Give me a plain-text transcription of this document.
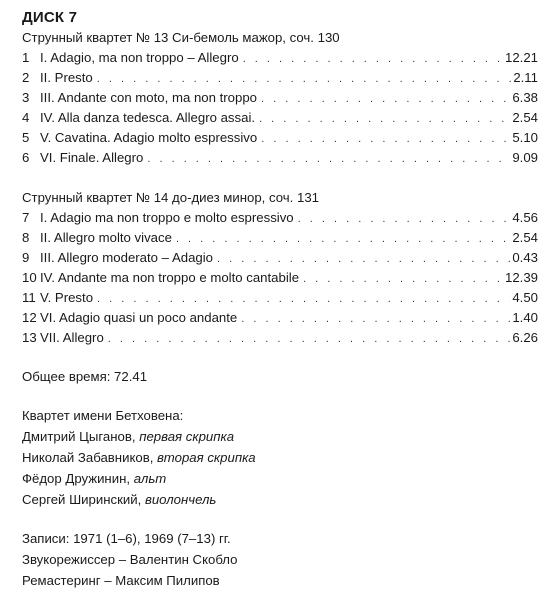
ДИСК 7
Струнный квартет № 13 Си-бемоль мажор, соч. 130
1 I. Adagio, ma non troppo – Allegro . . .	12.21
2 II. Presto . . .	2.11
3 III. Andante con moto, ma non troppo . . .	6.38
4 IV. Alla danza tedesca. Allegro assai. . . .	2.54
5 V. Cavatina. Adagio molto espressivo . . .	5.10
6 VI. Finale. Allegro . . .	9.09
Струнный квартет № 14 до-диез минор, соч. 131
7 I. Adagio ma non troppo e molto espressivo . . .	4.56
8 II. Allegro molto vivace . . .	2.54
9 III. Allegro moderato – Adagio . . .	0.43
10 IV. Andante ma non troppo e molto cantabile . . .	12.39
11 V. Presto . . .	4.50
12 VI. Adagio quasi un poco andante . . .	1.40
13 VII. Allegro . . .	6.26
Общее время: 72.41
Квартет имени Бетховена:
Дмитрий Цыганов, первая скрипка
Николай Забавников, вторая скрипка
Фёдор Дружинин, альт
Сергей Ширинский, виолончель
Записи: 1971 (1–6), 1969 (7–13) гг.
Звукорежиссер – Валентин Скобло
Ремастеринг – Максим Пилипов
